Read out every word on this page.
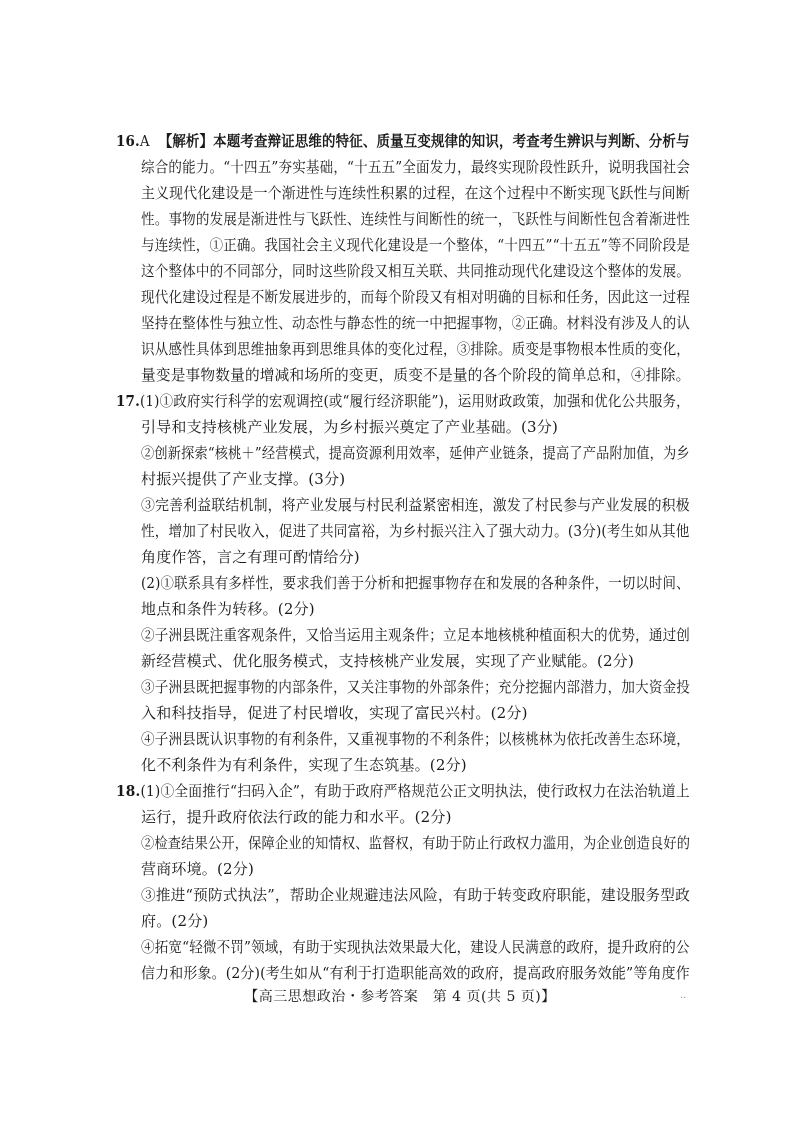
16.A 【解析】本题考查辩证思维的特征、质量互变规律的知识，考查考生辨识与判断、分析与
综合的能力。“十四五”夯实基础，“十五五”全面发力，最终实现阶段性跃升，说明我国社会
主义现代化建设是一个渐进性与连续性积累的过程，在这个过程中不断实现飞跃性与间断
性。事物的发展是渐进性与飞跃性、连续性与间断性的统一，飞跃性与间断性包含着渐进性
与连续性，①正确。我国社会主义现代化建设是一个整体，“十四五”“十五五”等不同阶段是
这个整体中的不同部分，同时这些阶段又相互关联、共同推动现代化建设这个整体的发展。
现代化建设过程是不断发展进步的，而每个阶段又有相对明确的目标和任务，因此这一过程
坚持在整体性与独立性、动态性与静态性的统一中把握事物，②正确。材料没有涉及人的认
识从感性具体到思维抽象再到思维具体的变化过程，③排除。质变是事物根本性质的变化，
量变是事物数量的增减和场所的变更，质变不是量的各个阶段的简单总和，④排除。
17.(1)①政府实行科学的宏观调控(或“履行经济职能”)，运用财政政策，加强和优化公共服务，
引导和支持核桃产业发展，为乡村振兴奠定了产业基础。(3分)
②创新探索“核桃＋”经营模式，提高资源利用效率，延伸产业链条，提高了产品附加值，为乡
村振兴提供了产业支撑。(3分)
③完善利益联结机制，将产业发展与村民利益紧密相连，激发了村民参与产业发展的积极
性，增加了村民收入，促进了共同富裕，为乡村振兴注入了强大动力。(3分)(考生如从其他
角度作答，言之有理可酌情给分)
(2)①联系具有多样性，要求我们善于分析和把握事物存在和发展的各种条件，一切以时间、
地点和条件为转移。(2分)
②子洲县既注重客观条件，又恰当运用主观条件；立足本地核桃种植面积大的优势，通过创
新经营模式、优化服务模式，支持核桃产业发展，实现了产业赋能。(2分)
③子洲县既把握事物的内部条件，又关注事物的外部条件；充分挖掘内部潜力，加大资金投
入和科技指导，促进了村民增收，实现了富民兴村。(2分)
④子洲县既认识事物的有利条件，又重视事物的不利条件；以核桃林为依托改善生态环境，
化不利条件为有利条件，实现了生态筑基。(2分)
18.(1)①全面推行“扫码入企”，有助于政府严格规范公正文明执法，使行政权力在法治轨道上
运行，提升政府依法行政的能力和水平。(2分)
②检查结果公开，保障企业的知情权、监督权，有助于防止行政权力滥用，为企业创造良好的
营商环境。(2分)
③推进“预防式执法”，帮助企业规避违法风险，有助于转变政府职能，建设服务型政
府。(2分)
④拓宽“轻微不罚”领域，有助于实现执法效果最大化，建设人民满意的政府，提升政府的公
信力和形象。(2分)(考生如从“有利于打造职能高效的政府，提高政府服务效能”等角度作
【高三思想政治・参考答案　第 4 页(共 5 页)】	..
